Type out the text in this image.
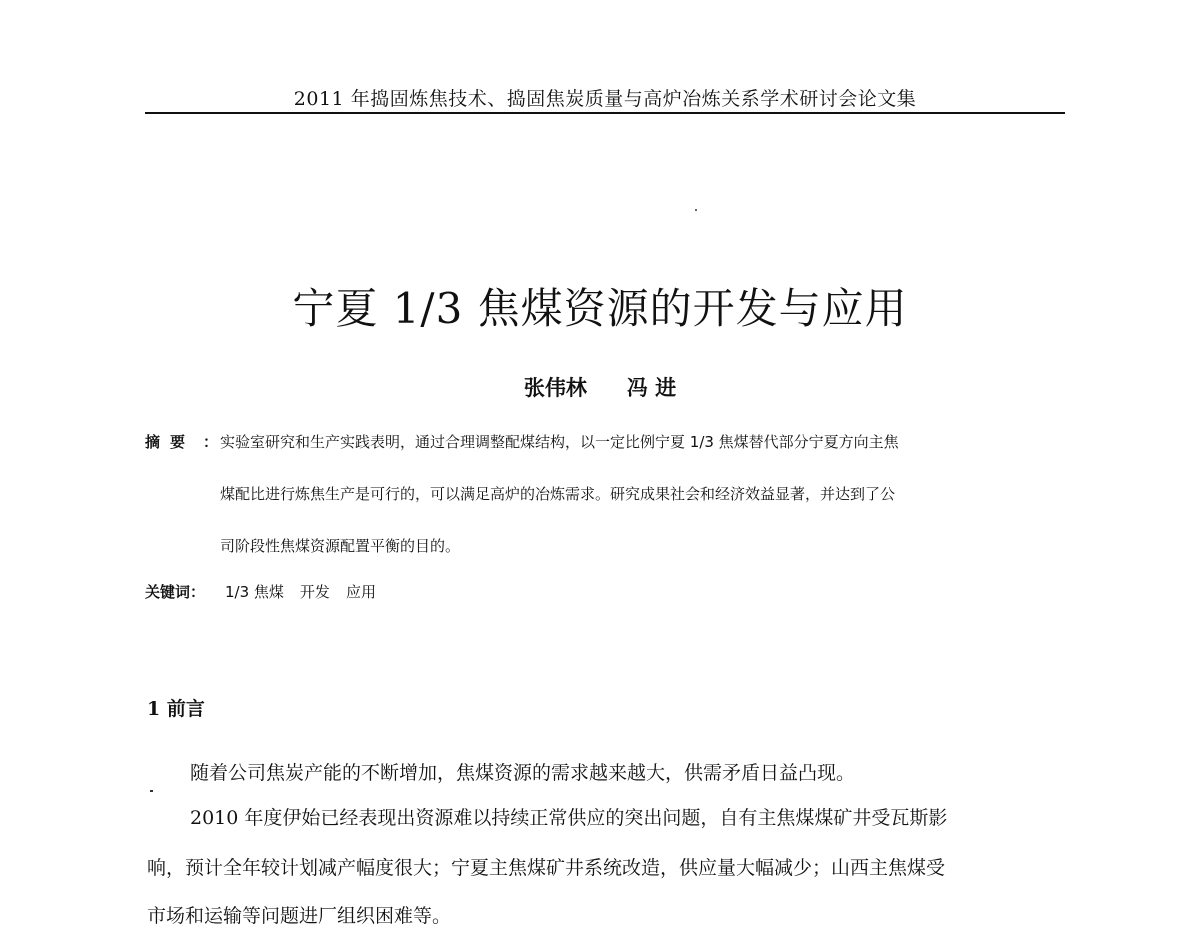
2011 年捣固炼焦技术、捣固焦炭质量与高炉冶炼关系学术研讨会论文集
宁夏 1/3 焦煤资源的开发与应用
张伟林 冯 进
摘要 ： 实验室研究和生产实践表明，通过合理调整配煤结构，以一定比例宁夏 1/3 焦煤替代部分宁夏方向主焦
煤配比进行炼焦生产是可行的，可以满足高炉的冶炼需求。研究成果社会和经济效益显著，并达到了公
司阶段性焦煤资源配置平衡的目的。
关键词： 1/3 焦煤 开发 应用
1 前言

随着公司焦炭产能的不断增加，焦煤资源的需求越来越大，供需矛盾日益凸现。

2010 年度伊始已经表现出资源难以持续正常供应的突出问题，自有主焦煤煤矿井受瓦斯影

响，预计全年较计划减产幅度很大；宁夏主焦煤矿井系统改造，供应量大幅减少；山西主焦煤受

市场和运输等问题进厂组织困难等。
